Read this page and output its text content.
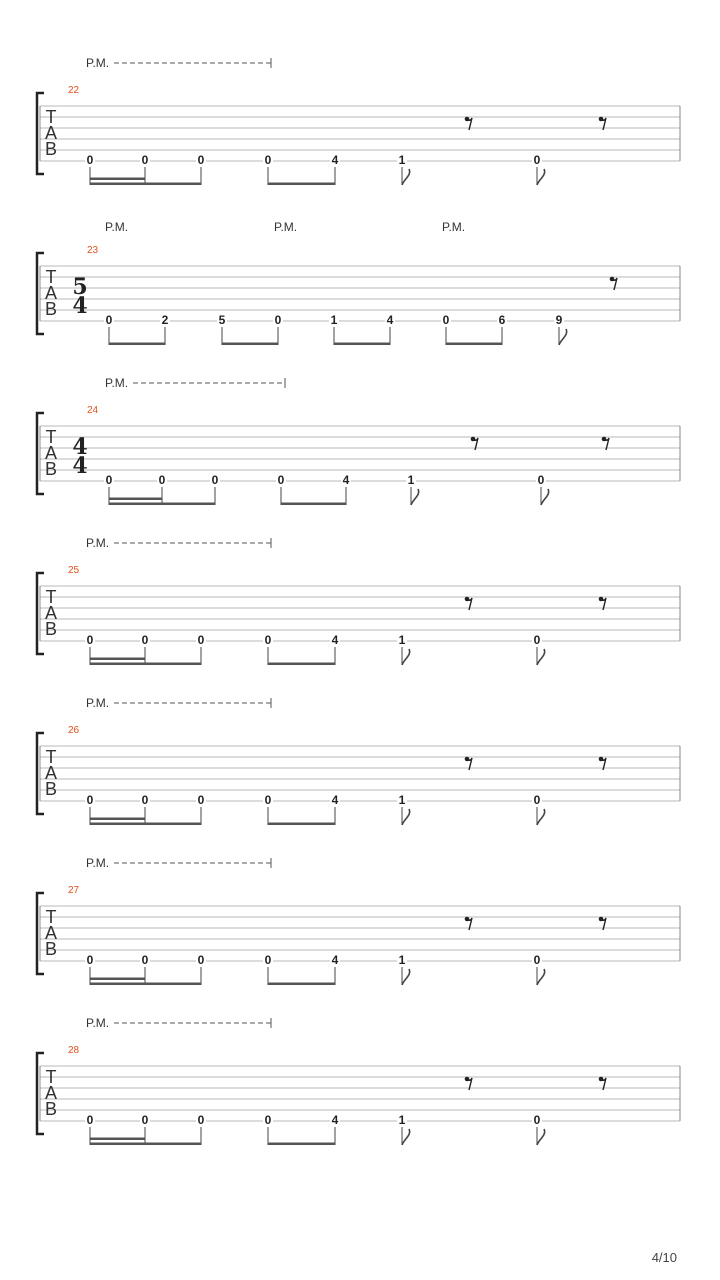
P.M.
22
T
A
B
0	0	0	0	4	1	0
P.M.	P.M.	P.M.
23
T
A
B
5
4
0	2	5	0	1	4	0	6	9
P.M.
24
T
A
B
4
4
0	0	0	0	4	1	0
P.M.
25
T
A
B
0	0	0	0	4	1	0
P.M.
26
T
A
B
0	0	0	0	4	1	0
P.M.
27
T
A
B
0	0	0	0	4	1	0
P.M.
28
T
A
B
0	0	0	0	4	1	0
4/10
